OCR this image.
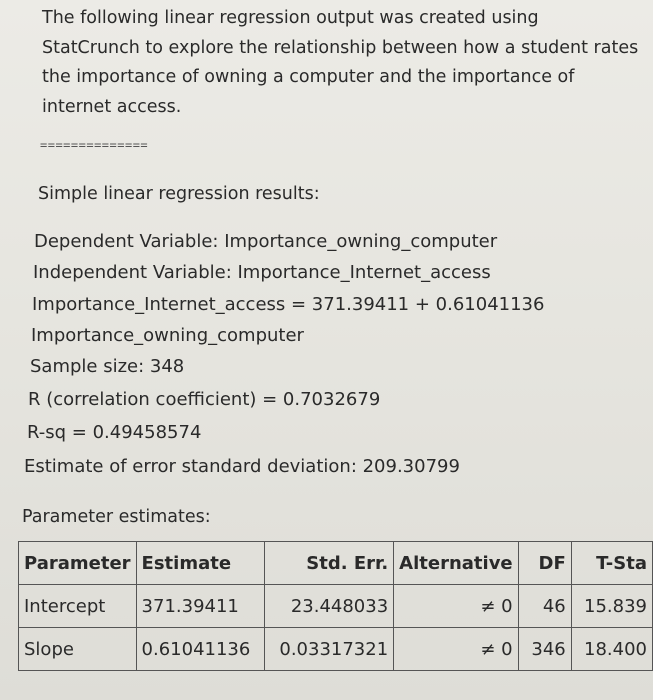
The following linear regression output was created using StatCrunch to explore the relationship between how a student rates the importance of owning a computer and the importance of internet access.
==============
Simple linear regression results:
Dependent Variable: Importance_owning_computer
Independent Variable: Importance_Internet_access
Importance_Internet_access = 371.39411 + 0.61041136
Importance_owning_computer
Sample size: 348
R (correlation coefficient) = 0.7032679
R-sq = 0.49458574
Estimate of error standard deviation: 209.30799
Parameter estimates:
Parameter	Estimate	Std. Err.	Alternative	DF	T-Sta
Intercept	371.39411	23.448033	≠ 0	46	15.839
Slope	0.61041136	0.03317321	≠ 0	346	18.400
